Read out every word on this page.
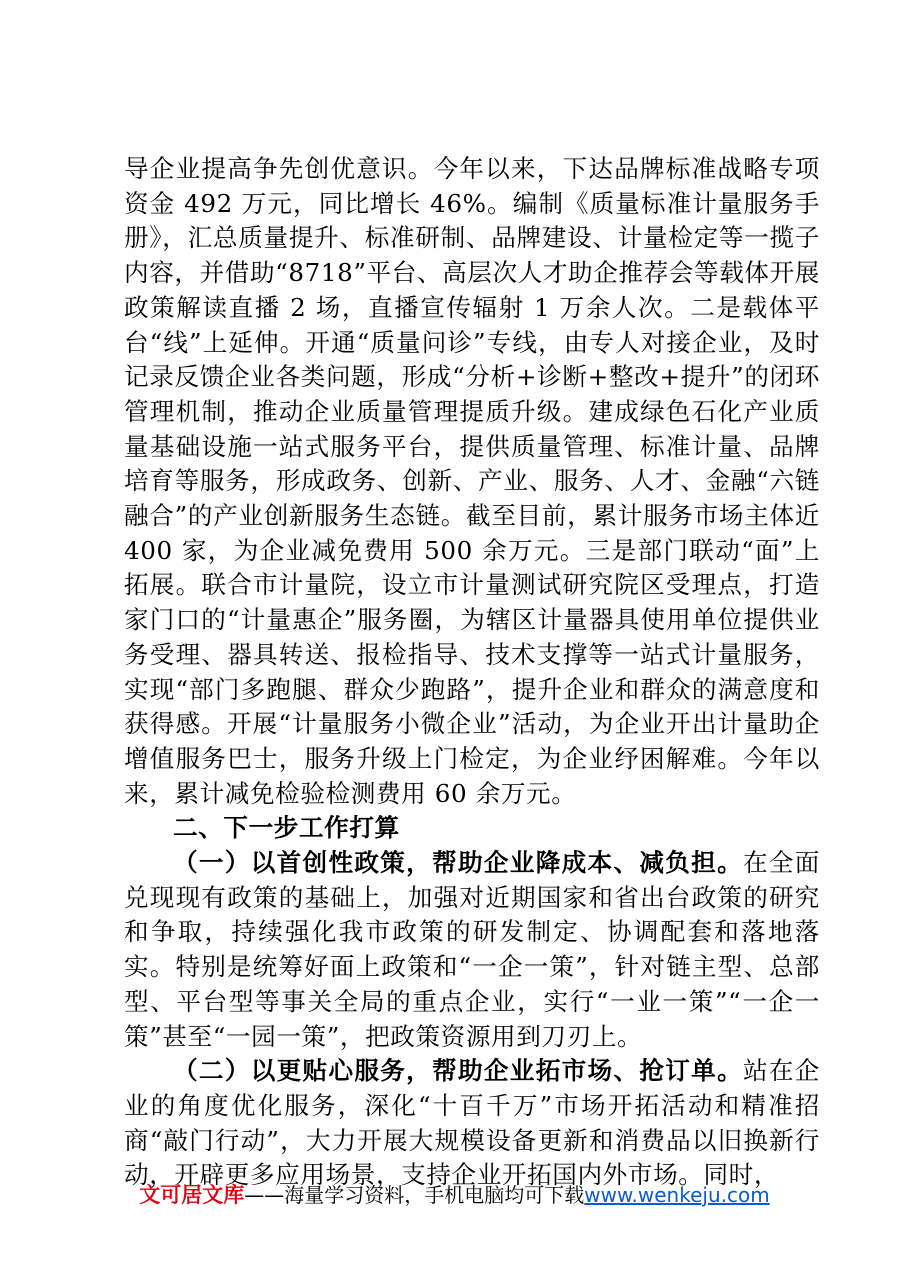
导企业提高争先创优意识。今年以来，下达品牌标准战略专项资金 492 万元，同比增长 46%。编制《质量标准计量服务手册》，汇总质量提升、标准研制、品牌建设、计量检定等一揽子内容，并借助“8718”平台、高层次人才助企推荐会等载体开展政策解读直播 2 场，直播宣传辐射 1 万余人次。二是载体平台“线”上延伸。开通“质量问诊”专线，由专人对接企业，及时记录反馈企业各类问题，形成“分析+诊断+整改+提升”的闭环管理机制，推动企业质量管理提质升级。建成绿色石化产业质量基础设施一站式服务平台，提供质量管理、标准计量、品牌培育等服务，形成政务、创新、产业、服务、人才、金融“六链融合”的产业创新服务生态链。截至目前，累计服务市场主体近 400 家，为企业减免费用 500 余万元。三是部门联动“面”上拓展。联合市计量院，设立市计量测试研究院区受理点，打造家门口的“计量惠企”服务圈，为辖区计量器具使用单位提供业务受理、器具转送、报检指导、技术支撑等一站式计量服务，实现“部门多跑腿、群众少跑路”，提升企业和群众的满意度和获得感。开展“计量服务小微企业”活动，为企业开出计量助企增值服务巴士，服务升级上门检定，为企业纾困解难。今年以来，累计减免检验检测费用 60 余万元。

二、下一步工作打算

（一）以首创性政策，帮助企业降成本、减负担。在全面兑现现有政策的基础上，加强对近期国家和省出台政策的研究和争取，持续强化我市政策的研发制定、协调配套和落地落实。特别是统筹好面上政策和“一企一策”，针对链主型、总部型、平台型等事关全局的重点企业，实行“一业一策”“一企一策”甚至“一园一策”，把政策资源用到刀刃上。

（二）以更贴心服务，帮助企业拓市场、抢订单。站在企业的角度优化服务，深化“十百千万”市场开拓活动和精准招商“敲门行动”，大力开展大规模设备更新和消费品以旧换新行动，开辟更多应用场景，支持企业开拓国内外市场。同时，

文可居文库——海量学习资料，手机电脑均可下载www.wenkeju.com
